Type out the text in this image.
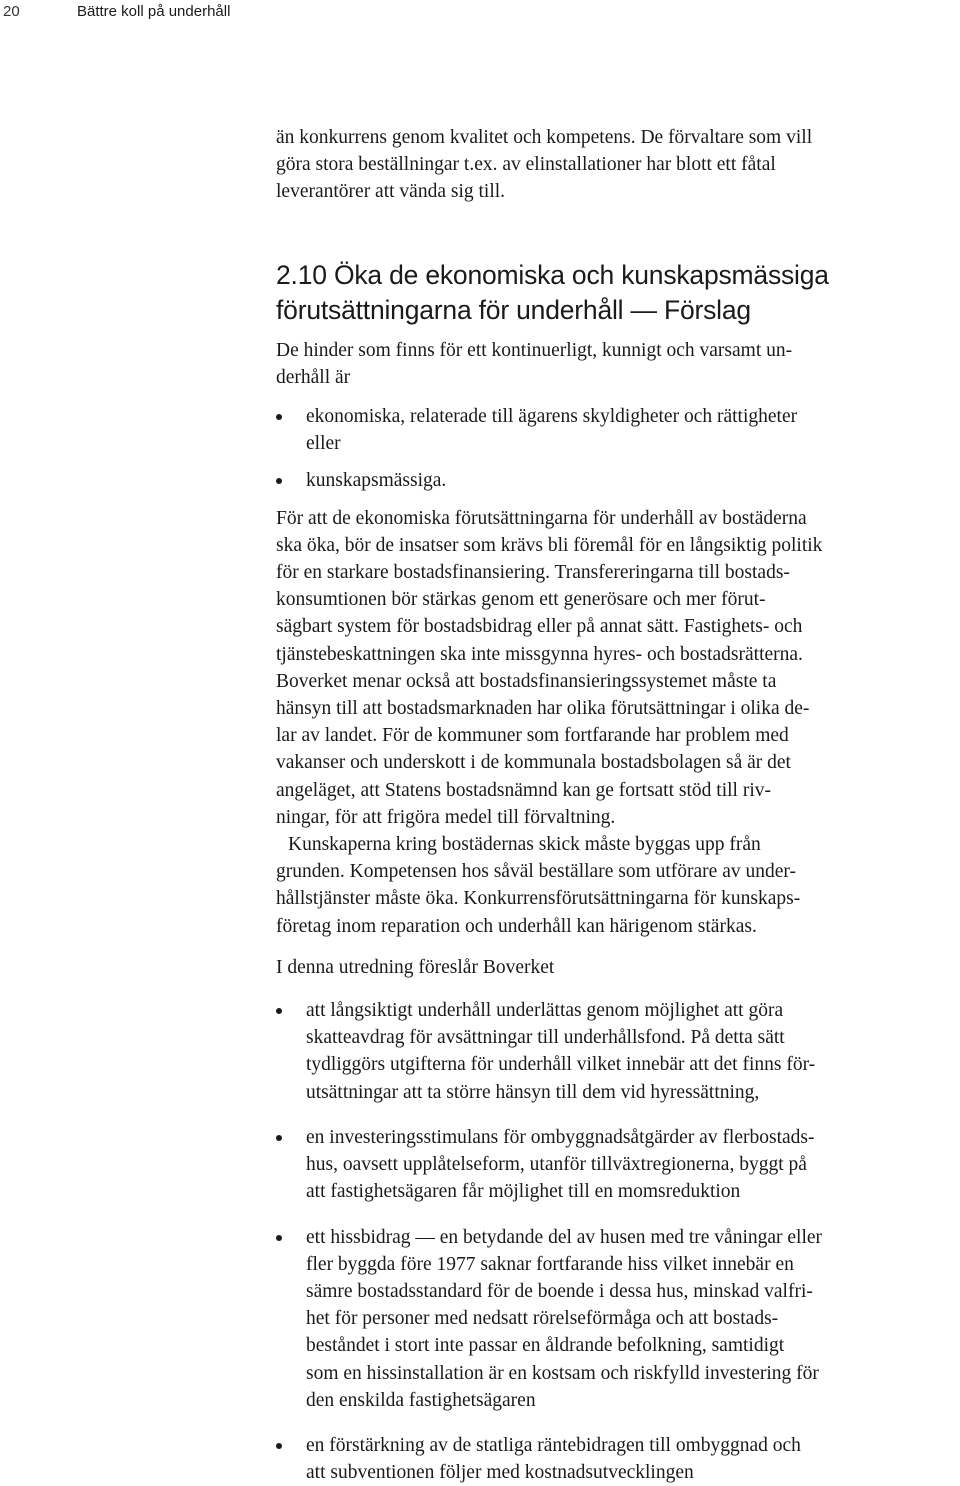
20	Bättre koll på underhåll

än konkurrens genom kvalitet och kompetens. De förvaltare som vill
göra stora beställningar t.ex. av elinstallationer har blott ett fåtal
leverantörer att vända sig till.

2.10 Öka de ekonomiska och kunskapsmässiga
förutsättningarna för underhåll — Förslag

De hinder som finns för ett kontinuerligt, kunnigt och varsamt un-
derhåll är

ekonomiska, relaterade till ägarens skyldigheter och rättigheter
eller
kunskapsmässiga.

För att de ekonomiska förutsättningarna för underhåll av bostäderna
ska öka, bör de insatser som krävs bli föremål för en långsiktig politik
för en starkare bostadsfinansiering. Transfereringarna till bostads-
konsumtionen bör stärkas genom ett generösare och mer förut-
sägbart system för bostadsbidrag eller på annat sätt. Fastighets- och
tjänstebeskattningen ska inte missgynna hyres- och bostadsrätterna.
Boverket menar också att bostadsfinansieringssystemet måste ta
hänsyn till att bostadsmarknaden har olika förutsättningar i olika de-
lar av landet. För de kommuner som fortfarande har problem med
vakanser och underskott i de kommunala bostadsbolagen så är det
angeläget, att Statens bostadsnämnd kan ge fortsatt stöd till riv-
ningar, för att frigöra medel till förvaltning.

Kunskaperna kring bostädernas skick måste byggas upp från
grunden. Kompetensen hos såväl beställare som utförare av under-
hållstjänster måste öka. Konkurrensförutsättningarna för kunskaps-
företag inom reparation och underhåll kan härigenom stärkas.

I denna utredning föreslår Boverket

att långsiktigt underhåll underlättas genom möjlighet att göra
skatteavdrag för avsättningar till underhållsfond. På detta sätt
tydliggörs utgifterna för underhåll vilket innebär att det finns för-
utsättningar att ta större hänsyn till dem vid hyressättning,
en investeringsstimulans för ombyggnadsåtgärder av flerbostads-
hus, oavsett upplåtelseform, utanför tillväxtregionerna, byggt på
att fastighetsägaren får möjlighet till en momsreduktion
ett hissbidrag — en betydande del av husen med tre våningar eller
fler byggda före 1977 saknar fortfarande hiss vilket innebär en
sämre bostadsstandard för de boende i dessa hus, minskad valfri-
het för personer med nedsatt rörelseförmåga och att bostads-
beståndet i stort inte passar en åldrande befolkning, samtidigt
som en hissinstallation är en kostsam och riskfylld investering för
den enskilda fastighetsägaren
en förstärkning av de statliga räntebidragen till ombyggnad och
att subventionen följer med kostnadsutvecklingen
